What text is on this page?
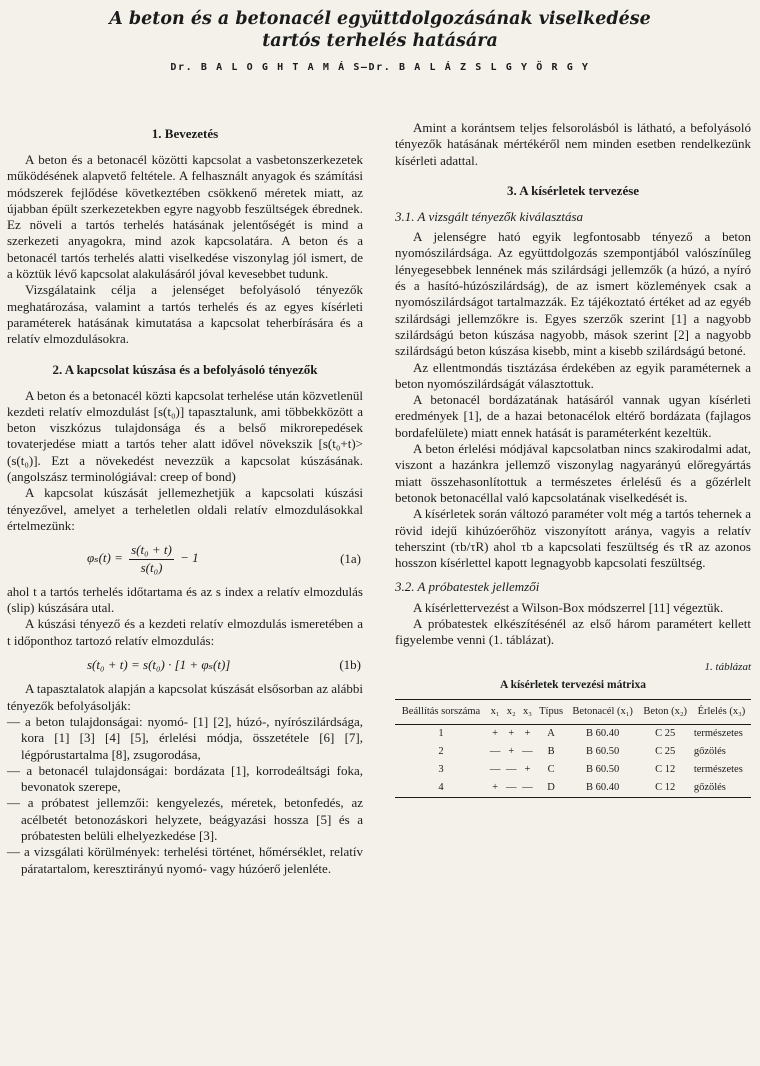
A beton és a betonacél együttdolgozásának viselkedése
tartós terhelés hatására
Dr. B A L O G H T A M Á S—Dr. B A L Á Z S L G Y Ö R G Y
1. Bevezetés

A beton és a betonacél közötti kapcsolat a vasbetonszerkezetek működésének alapvető feltétele. A felhasznált anyagok és számítási módszerek fejlődése következtében csökkenő méretek miatt, az újabban épült szerkezetekben egyre nagyobb feszültségek ébrednek. Ez növeli a tartós terhelés hatásának jelentőségét is mind a szerkezeti anyagokra, mind azok kapcsolatára. A beton és a betonacél tartós terhelés alatti viselkedése viszonylag jól ismert, de a köztük lévő kapcsolat alakulásáról jóval kevesebbet tudunk.

Vizsgálataink célja a jelenséget befolyásoló tényezők meghatározása, valamint a tartós terhelés és az egyes kísérleti paraméterek hatásának kimutatása a kapcsolat teherbírására és a relatív elmozdulásokra.

2. A kapcsolat kúszása és a befolyásoló tényezők

A beton és a betonacél közti kapcsolat terhelése után közvetlenül kezdeti relatív elmozdulást [s(t₀)] tapasztalunk, ami többekközött a beton viszkózus tulajdonsága és a belső mikrorepedések tovaterjedése miatt a tartós teher alatt idővel növekszik [s(t₀+t)>(s(t₀)]. Ezt a növekedést nevezzük a kapcsolat kúszásának. (angolszász terminológiával: creep of bond)

A kapcsolat kúszását jellemezhetjük a kapcsolati kúszási tényezővel, amelyet a terheletlen oldali relatív elmozdulásokkal értelmezünk:

$\varphi_s(t) = \frac{\text{s(t₀ + t)}}{\text{s(t₀)}} - 1$	(1a)

ahol t a tartós terhelés időtartama és az s index a relatív elmozdulás (slip) kúszására utal.

A kúszási tényező és a kezdeti relatív elmozdulás ismeretében a t időponthoz tartozó relatív elmozdulás:

s(t₀ + t) = s(t₀) · [1 + φₛ(t)]	(1b)

A tapasztalatok alapján a kapcsolat kúszását elsősorban az alábbi tényezők befolyásolják:

— a beton tulajdonságai: nyomó- [1] [2], húzó-, nyírószilárdsága, kora [1] [3] [4] [5], érlelési módja, összetétele [6] [7], légpórustartalma [8], zsugorodása,
— a betonacél tulajdonságai: bordázata [1], korrodeáltsági foka, bevonatok szerepe,
— a próbatest jellemzői: kengyelezés, méretek, betonfedés, az acélbetét betonozáskori helyzete, beágyazási hossza [5] és a próbatesten belüli elhelyezkedése [3].
— a vizsgálati körülmények: terhelési történet, hőmérséklet, relatív páratartalom, keresztirányú nyomó- vagy húzóerő jelenléte.

Amint a korántsem teljes felsorolásból is látható, a befolyásoló tényezők hatásának mértékéről nem minden esetben rendelkezünk kísérleti adattal.

3. A kísérletek tervezése
3.1. A vizsgált tényezők kiválasztása

A jelenségre ható egyik legfontosabb tényező a beton nyomószilárdsága. Az együttdolgozás szempontjából valószínűleg lényegesebbek lennének más szilárdsági jellemzők (a húzó, a nyíró és a hasító-húzószilárdság), de az ismert közlemények csak a nyomószilárdságot tartalmazzák. Ez tájékoztató értéket ad az egyéb szilárdsági jellemzőkre is. Egyes szerzők szerint [1] a nagyobb szilárdságú beton kúszása nagyobb, mások szerint [2] a nagyobb szilárdságú beton kúszása kisebb, mint a kisebb szilárdságú betoné.

Az ellentmondás tisztázása érdekében az egyik paraméternek a beton nyomószilárdságát választottuk.

A betonacél bordázatának hatásáról vannak ugyan kísérleti eredmények [1], de a hazai betonacélok eltérő bordázata (fajlagos bordafelülete) miatt ennek hatását is paraméterként kezeltük.

A beton érlelési módjával kapcsolatban nincs szakirodalmi adat, viszont a hazánkra jellemző viszonylag nagyarányú előregyártás miatt összehasonlítottuk a természetes érlelésű és a gőzérlelt betonok betonacéllal való kapcsolatának viselkedését is.

A kísérletek során változó paraméter volt még a tartós tehernek a rövid idejű kihúzóerőhöz viszonyított aránya, vagyis a relatív teherszint (τb/τR) ahol τb a kapcsolati feszültség és τR az azonos hosszon kísérlettel kapott legnagyobb kapcsolati feszültség.

3.2. A próbatestek jellemzői

A kísérlettervezést a Wilson-Box módszerrel [11] végeztük.

A próbatestek elkészítésénél az első három paramétert kellett figyelembe venni (1. táblázat).

1. táblázat
A kísérletek tervezési mátrixa
Beállítás sorszáma	x₁	x₂	x₃	Típus	Betonacél (x₁)	Beton (x₂)	Érlelés (x₃)
1	+	+	+	A	B 60.40	C 25	természetes
2	—	+	—	B	B 60.50	C 25	gőzölés
3	—	—	+	C	B 60.50	C 12	természetes
4	+	—	—	D	B 60.40	C 12	gőzölés
